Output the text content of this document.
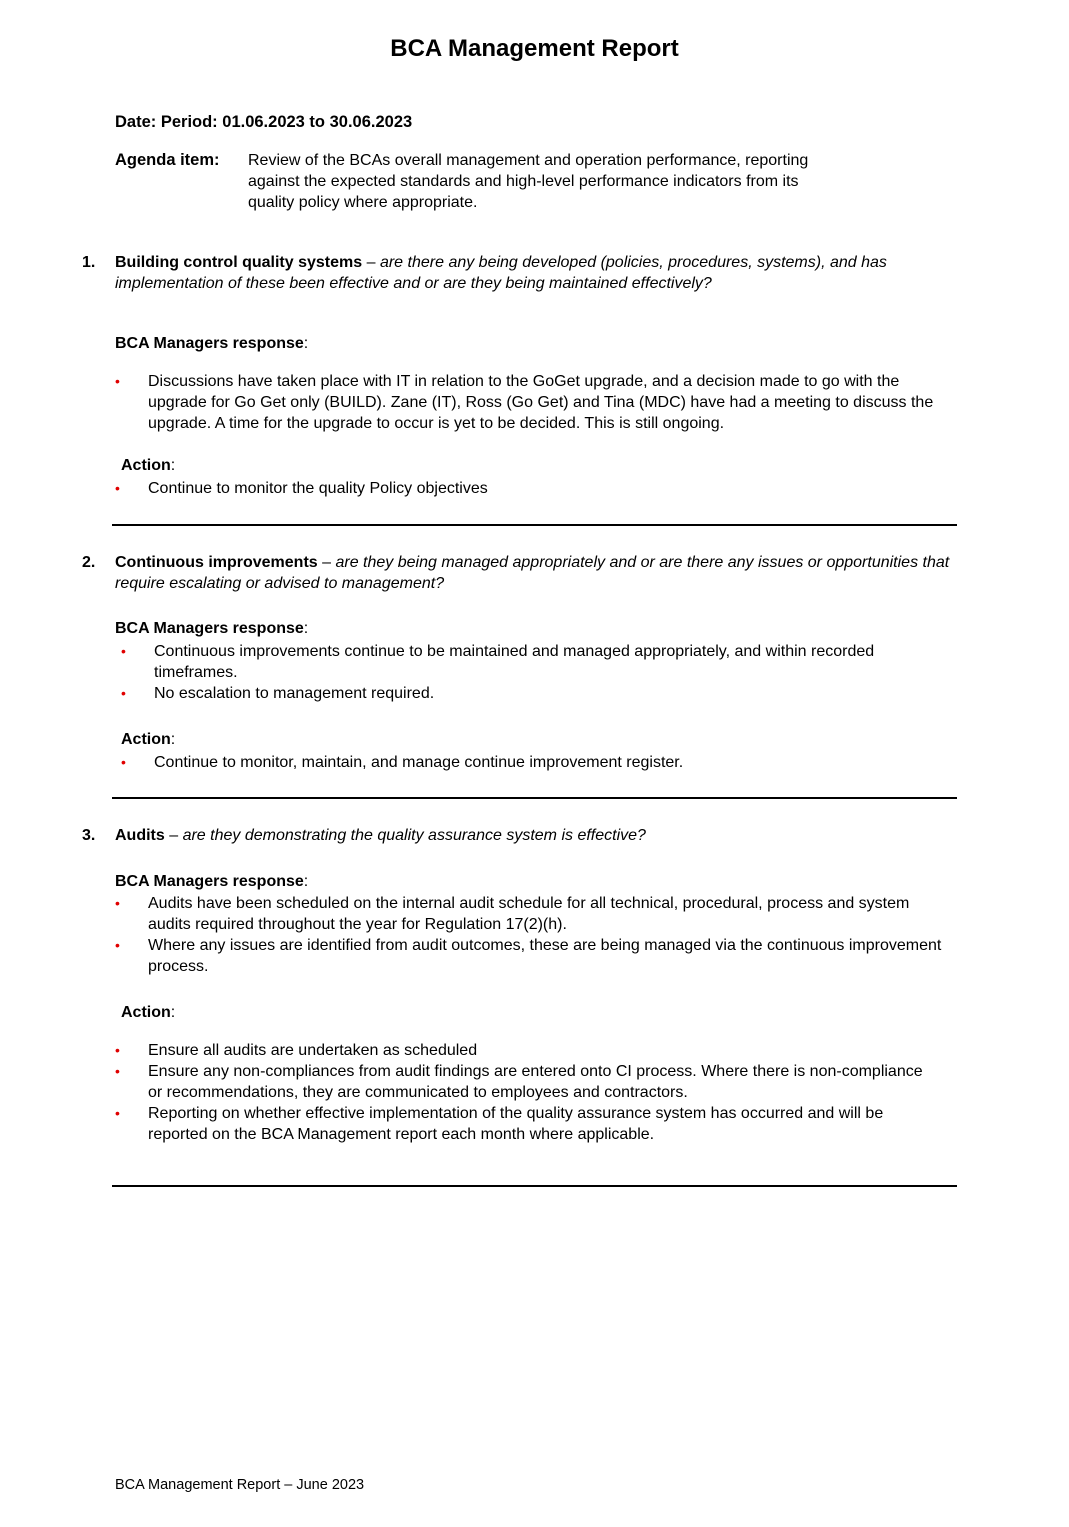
BCA Management Report
Date: Period: 01.06.2023 to 30.06.2023
Agenda item: Review of the BCAs overall management and operation performance, reporting against the expected standards and high-level performance indicators from its quality policy where appropriate.
1. Building control quality systems – are there any being developed (policies, procedures, systems), and has implementation of these been effective and or are they being maintained effectively?
BCA Managers response:
• Discussions have taken place with IT in relation to the GoGet upgrade, and a decision made to go with the upgrade for Go Get only (BUILD). Zane (IT), Ross (Go Get) and Tina (MDC) have had a meeting to discuss the upgrade. A time for the upgrade to occur is yet to be decided. This is still ongoing.
Action:
• Continue to monitor the quality Policy objectives
2. Continuous improvements – are they being managed appropriately and or are there any issues or opportunities that require escalating or advised to management?
BCA Managers response:
• Continuous improvements continue to be maintained and managed appropriately, and within recorded timeframes.
• No escalation to management required.
Action:
• Continue to monitor, maintain, and manage continue improvement register.
3. Audits – are they demonstrating the quality assurance system is effective?
BCA Managers response:
• Audits have been scheduled on the internal audit schedule for all technical, procedural, process and system audits required throughout the year for Regulation 17(2)(h).
• Where any issues are identified from audit outcomes, these are being managed via the continuous improvement process.
Action:
• Ensure all audits are undertaken as scheduled
• Ensure any non-compliances from audit findings are entered onto CI process. Where there is non-compliance or recommendations, they are communicated to employees and contractors.
• Reporting on whether effective implementation of the quality assurance system has occurred and will be reported on the BCA Management report each month where applicable.
BCA Management Report – June 2023
